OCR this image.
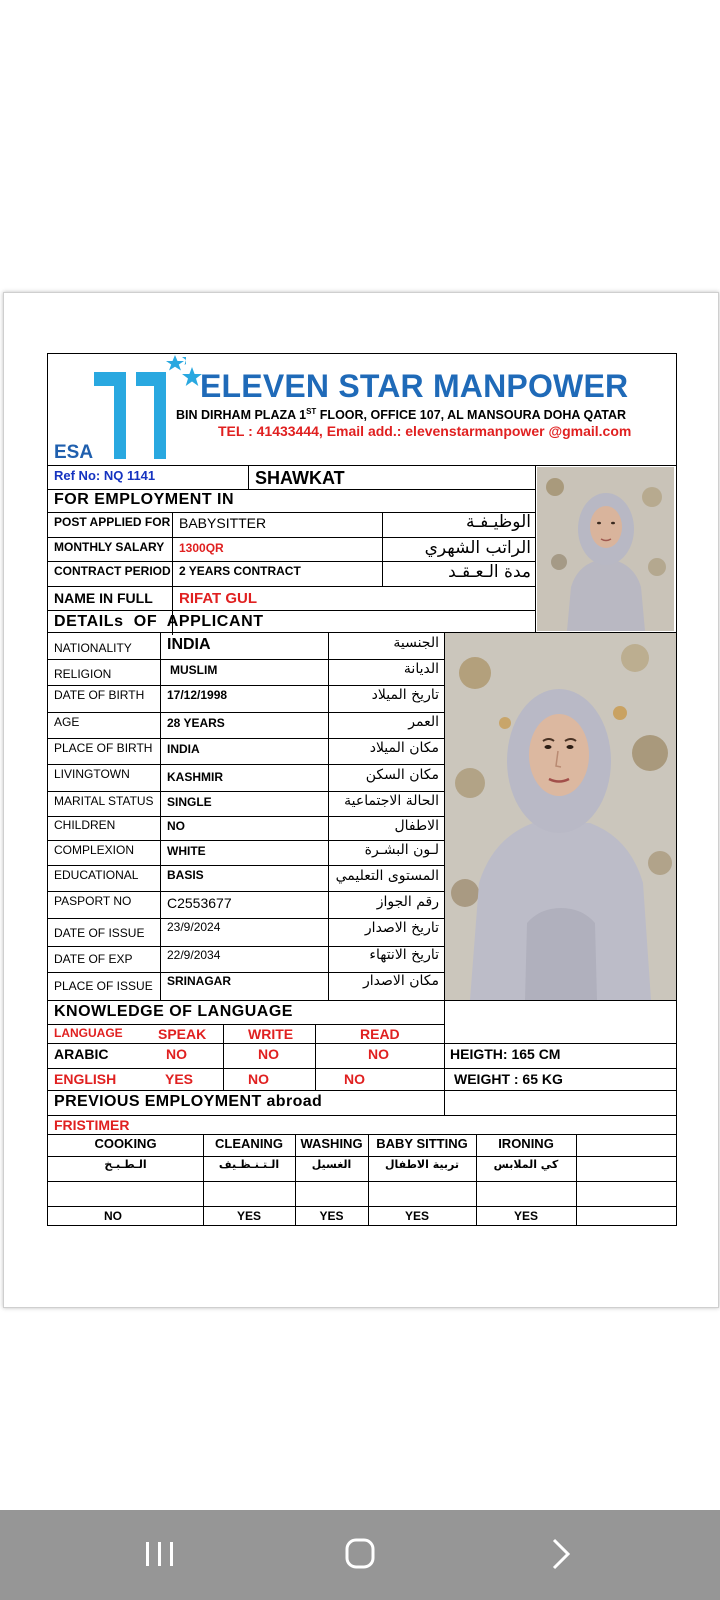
ESA
ELEVEN STAR MANPOWER
BIN DIRHAM PLAZA 1ST FLOOR, OFFICE 107, AL MANSOURA DOHA QATAR
TEL : 41433444, Email add.: elevenstarmanpower @gmail.com
Ref No: NQ 1141	SHAWKAT
FOR EMPLOYMENT IN
POST APPLIED FOR BABYSITTER	الوظيـفـة
MONTHLY SALARY 1300QR	الراتب الشهري
CONTRACT PERIOD 2 YEARS CONTRACT	مدة الـعـقـد
NAME IN FULL RIFAT GUL
DETAILs  OF  APPLICANT
NATIONALITY INDIA	الجنسية
RELIGION	MUSLIM	الديانة
DATE OF BIRTH 17/12/1998	تاريخ الميلاد
AGE	28 YEARS	العمر
PLACE OF BIRTH INDIA	مكان الميلاد
LIVINGTOWN	KASHMIR	مكان السكن
MARITAL STATUS SINGLE	الحالة الاجتماعية
CHILDREN	NO	الاطفال
COMPLEXION	WHITE	لـون البشـرة
EDUCATIONAL BASIS	المستوى التعليمي
PASPORT NO	C2553677	رقم الجواز
DATE OF ISSUE 23/9/2024	تاريخ الاصدار
DATE OF EXP	22/9/2034	تاريخ الانتهاء
PLACE OF ISSUE SRINAGAR	مكان الاصدار
KNOWLEDGE OF LANGUAGE
LANGUAGE	SPEAK	WRITE	READ
ARABIC	NO	NO	NO	HEIGTH: 165 CM
ENGLISH	YES	NO	NO	WEIGHT : 65 KG
PREVIOUS EMPLOYMENT abroad
FRISTIMER
COOKING	CLEANING	WASHING	BABY SITTING	IRONING
الـطـبـخ	الـتـنـظـيف	الغسيل	تربية الاطفال	كي الملابس
NO	YES	YES	YES	YES
